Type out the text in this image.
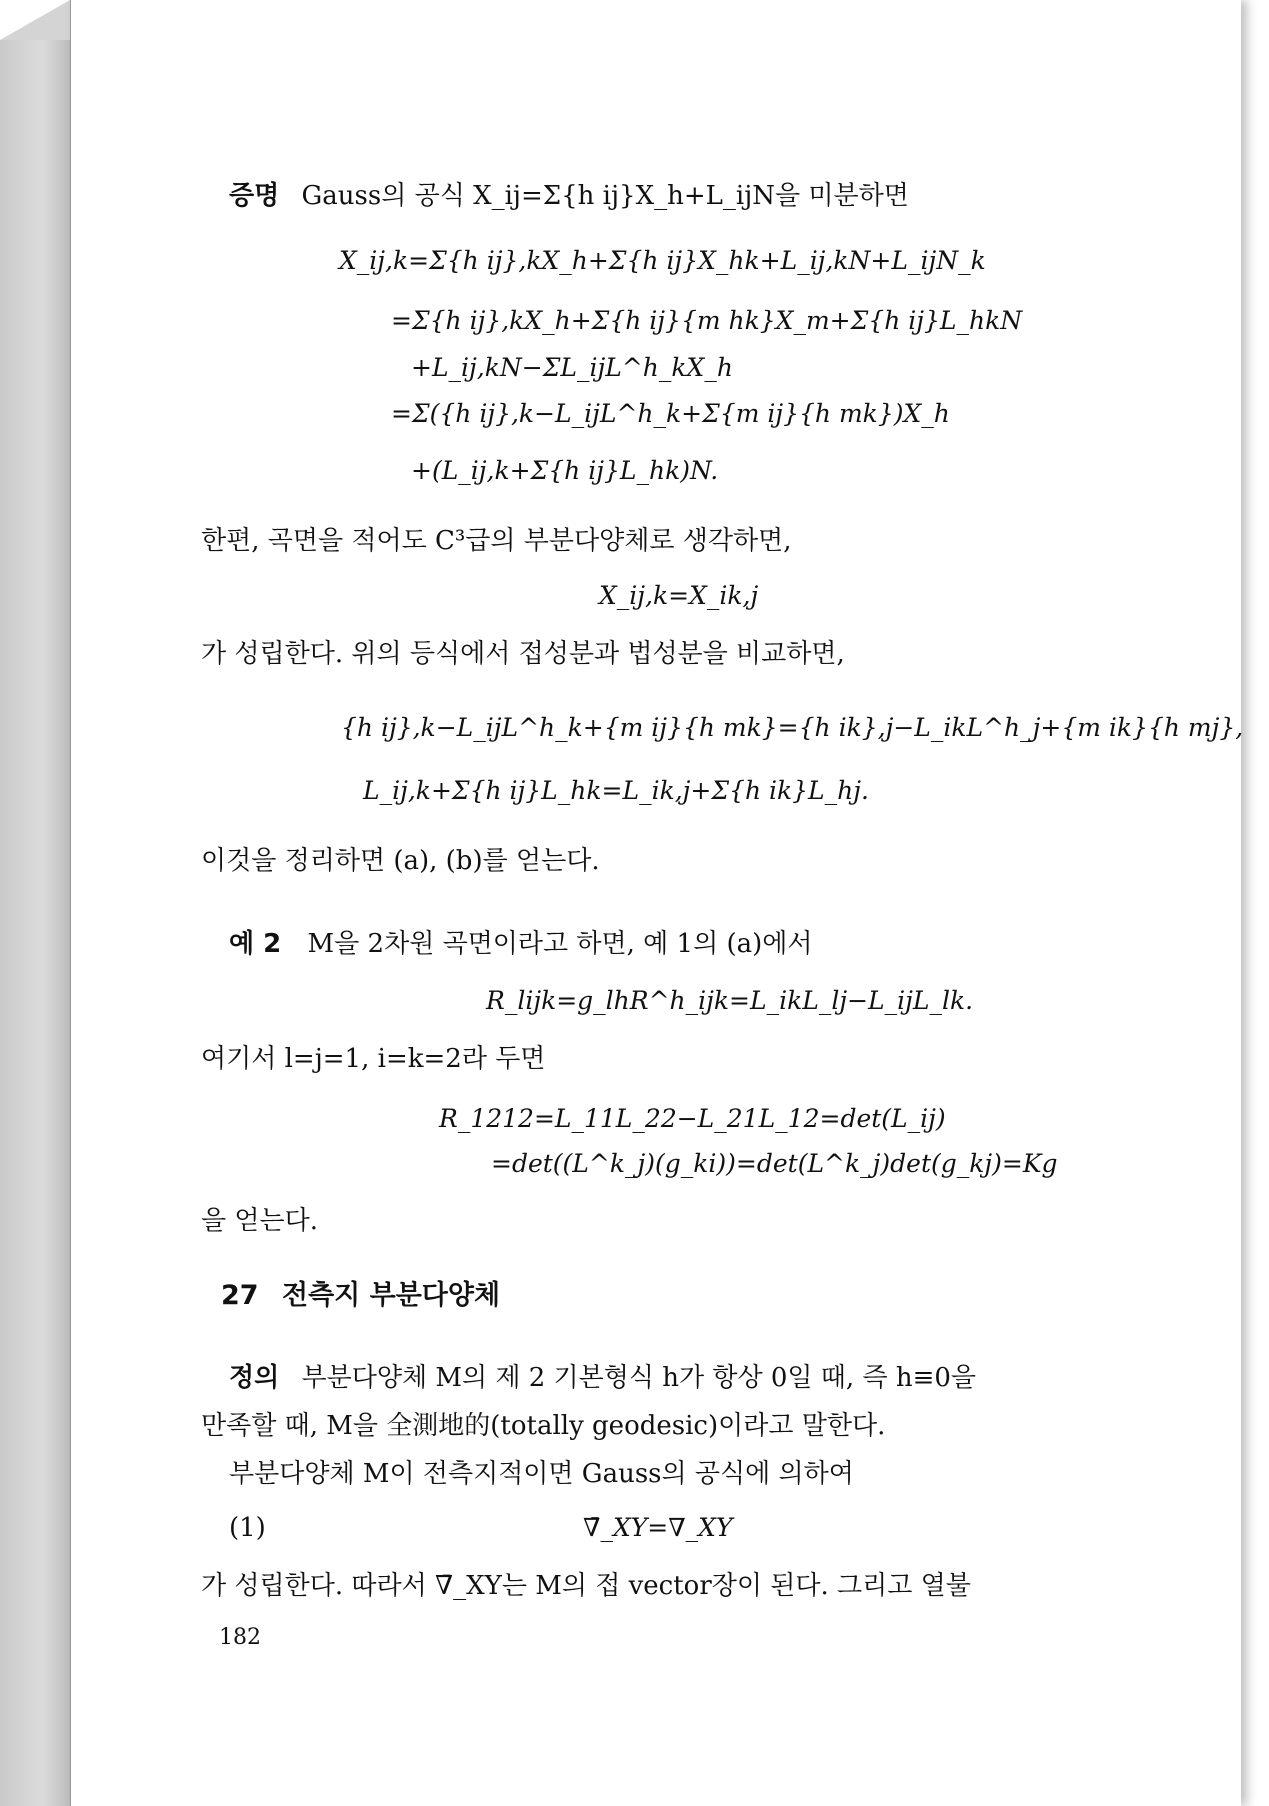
증명 Gauss의 공식 X_ij=Σ{h ij}X_h+L_ijN을 미분하면
X_ij,k=Σ{h ij},kX_h+Σ{h ij}X_hk+L_ij,kN+L_ijN_k
=Σ{h ij},kX_h+Σ{h ij}{m hk}X_m+Σ{h ij}L_hkN
+L_ij,kN−ΣL_ijL^h_kX_h
=Σ({h ij},k−L_ijL^h_k+Σ{m ij}{h mk})X_h
+(L_ij,k+Σ{h ij}L_hk)N.
한편, 곡면을 적어도 C³급의 부분다양체로 생각하면,
X_ij,k=X_ik,j
가 성립한다. 위의 등식에서 접성분과 법성분을 비교하면,
{h ij},k−L_ijL^h_k+{m ij}{h mk}={h ik},j−L_ikL^h_j+{m ik}{h mj},
L_ij,k+Σ{h ij}L_hk=L_ik,j+Σ{h ik}L_hj.
이것을 정리하면 (a), (b)를 얻는다.
예 2 M을 2차원 곡면이라고 하면, 예 1의 (a)에서
R_lijk=g_lhR^h_ijk=L_ikL_lj−L_ijL_lk.
여기서 l=j=1, i=k=2라 두면
R_1212=L_11L_22−L_21L_12=det(L_ij)
=det((L^k_j)(g_ki))=det(L^k_j)det(g_kj)=Kg
을 얻는다.
27 전측지 부분다양체
정의 부분다양체 M의 제 2 기본형식 h가 항상 0일 때, 즉 h≡0을
만족할 때, M을 全測地的(totally geodesic)이라고 말한다.
부분다양체 M이 전측지적이면 Gauss의 공식에 의하여
(1)	∇̄_XY=∇_XY
가 성립한다. 따라서 ∇̄_XY는 M의 접 vector장이 된다. 그리고 열불
182
